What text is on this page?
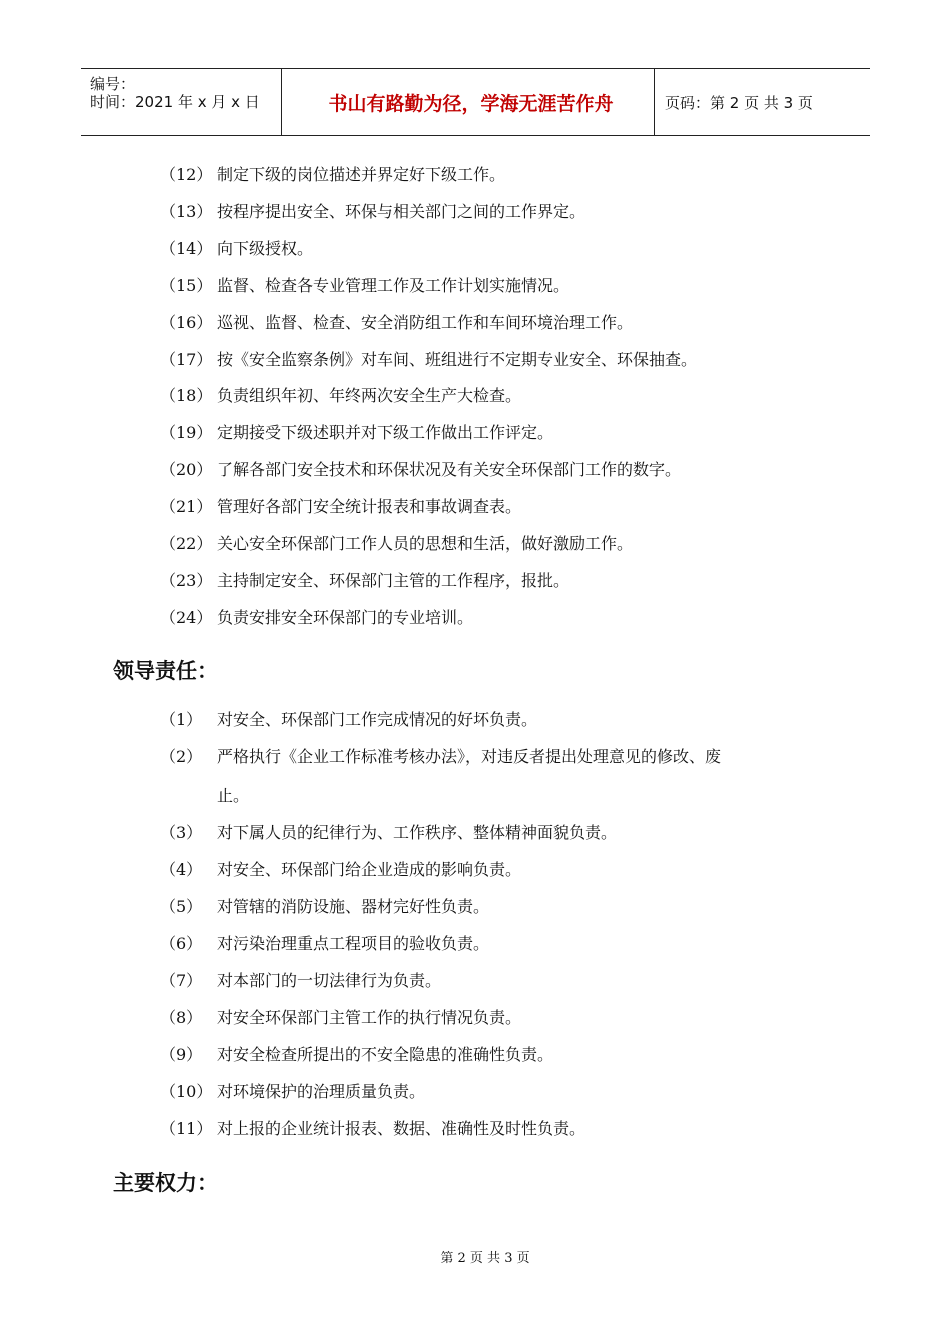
编号：
时间：2021 年 x 月 x 日	书山有路勤为径，学海无涯苦作舟	页码：第 2 页 共 3 页
（12） 制定下级的岗位描述并界定好下级工作。
（13） 按程序提出安全、环保与相关部门之间的工作界定。
（14） 向下级授权。
（15） 监督、检查各专业管理工作及工作计划实施情况。
（16） 巡视、监督、检查、安全消防组工作和车间环境治理工作。
（17） 按《安全监察条例》对车间、班组进行不定期专业安全、环保抽查。
（18） 负责组织年初、年终两次安全生产大检查。
（19） 定期接受下级述职并对下级工作做出工作评定。
（20） 了解各部门安全技术和环保状况及有关安全环保部门工作的数字。
（21） 管理好各部门安全统计报表和事故调查表。
（22） 关心安全环保部门工作人员的思想和生活，做好激励工作。
（23） 主持制定安全、环保部门主管的工作程序，报批。
（24） 负责安排安全环保部门的专业培训。
领导责任：
（1） 对安全、环保部门工作完成情况的好坏负责。
（2） 严格执行《企业工作标准考核办法》，对违反者提出处理意见的修改、废
止。
（3） 对下属人员的纪律行为、工作秩序、整体精神面貌负责。
（4） 对安全、环保部门给企业造成的影响负责。
（5） 对管辖的消防设施、器材完好性负责。
（6） 对污染治理重点工程项目的验收负责。
（7） 对本部门的一切法律行为负责。
（8） 对安全环保部门主管工作的执行情况负责。
（9） 对安全检查所提出的不安全隐患的准确性负责。
（10） 对环境保护的治理质量负责。
（11） 对上报的企业统计报表、数据、准确性及时性负责。
主要权力：
第 2 页 共 3 页
